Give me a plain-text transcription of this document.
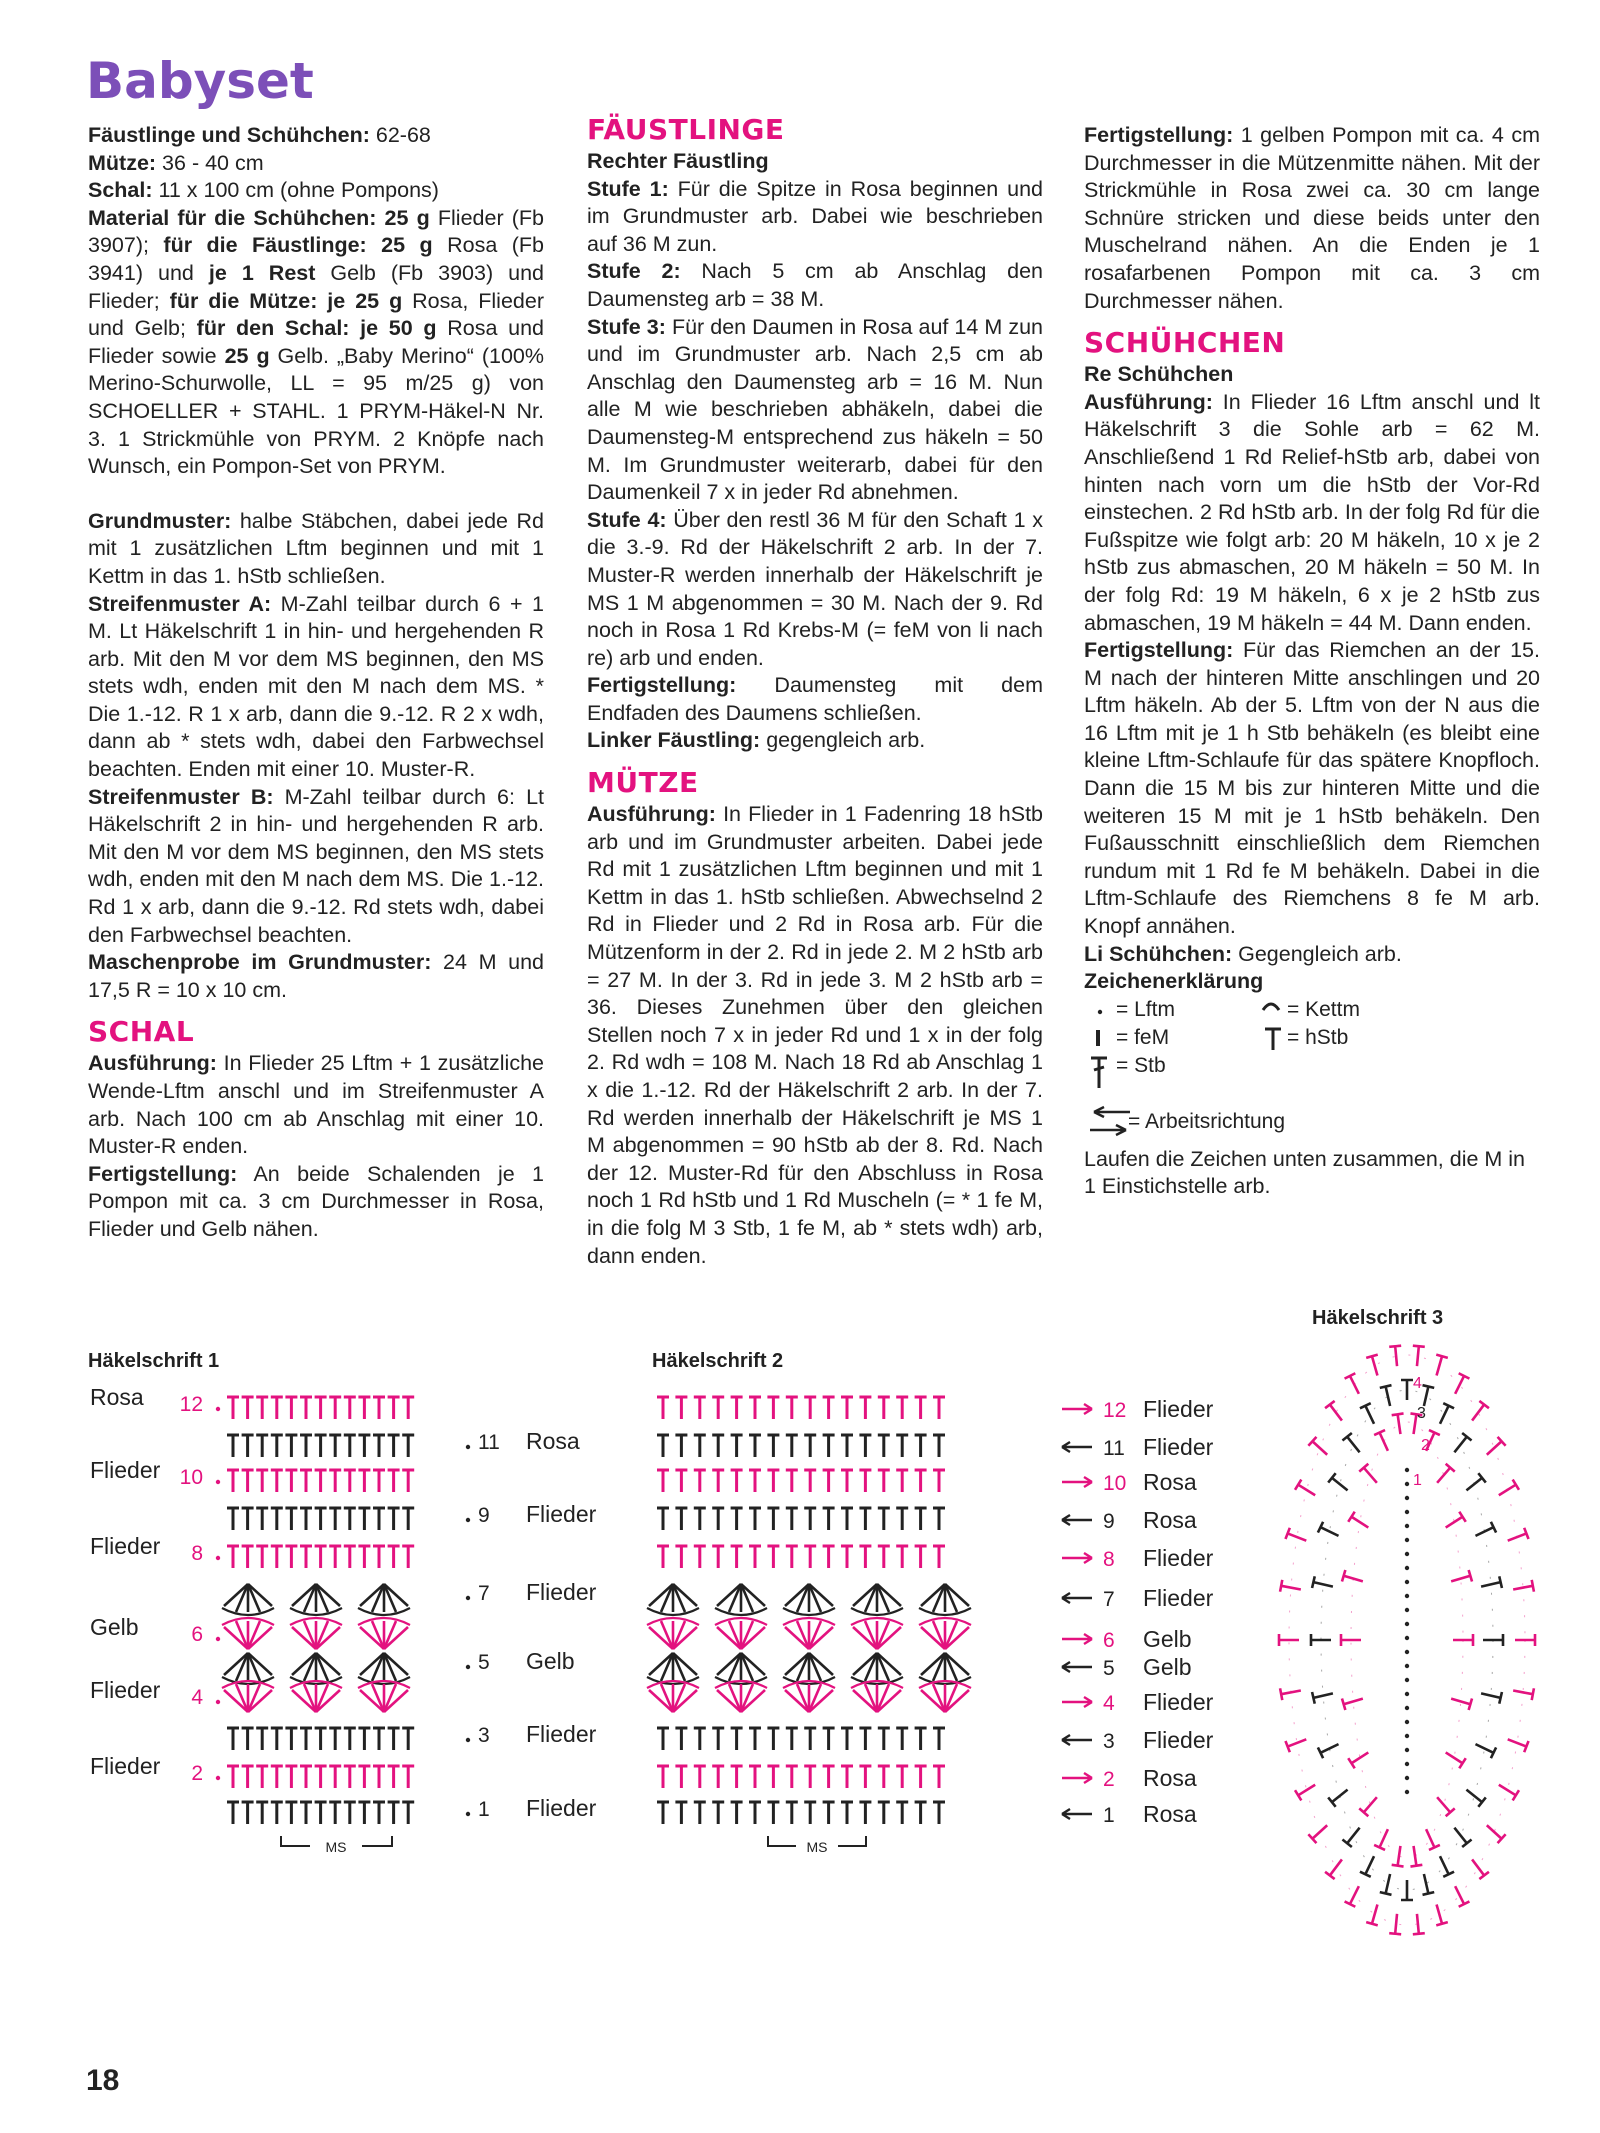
Babyset

Fäustlinge und Schühchen: 62-68
Mütze: 36 - 40 cm
Schal: 11 x 100 cm (ohne Pompons)

Material für die Schühchen: 25 g Flieder (Fb 3907); für die Fäustlinge: 25 g Rosa (Fb 3941) und je 1 Rest Gelb (Fb 3903) und Flieder; für die Mütze: je 25 g Rosa, Flieder und Gelb; für den Schal: je 50 g Rosa und Flieder sowie 25 g Gelb. „Baby Merino“ (100% Merino-Schurwolle, LL = 95 m/25 g) von SCHOELLER + STAHL. 1 PRYM-Häkel-N Nr. 3. 1 Strickmühle von PRYM. 2 Knöpfe nach Wunsch, ein Pompon-Set von PRYM.

Grundmuster: halbe Stäbchen, dabei jede Rd mit 1 zusätzlichen Lftm beginnen und mit 1 Kettm in das 1. hStb schließen.

Streifenmuster A: M-Zahl teilbar durch 6 + 1 M. Lt Häkelschrift 1 in hin- und hergehenden R arb. Mit den M vor dem MS beginnen, den MS stets wdh, enden mit den M nach dem MS. * Die 1.-12. R 1 x arb, dann die 9.-12. R 2 x wdh, dann ab * stets wdh, dabei den Farbwechsel beachten. Enden mit einer 10. Muster-R.

Streifenmuster B: M-Zahl teilbar durch 6: Lt Häkelschrift 2 in hin- und hergehenden R arb. Mit den M vor dem MS beginnen, den MS stets wdh, enden mit den M nach dem MS. Die 1.-12. Rd 1 x arb, dann die 9.-12. Rd stets wdh, dabei den Farbwechsel beachten.

Maschenprobe im Grundmuster: 24 M und 17,5 R = 10 x 10 cm.

SCHAL

Ausführung: In Flieder 25 Lftm + 1 zusätzliche Wende-Lftm anschl und im Streifenmuster A arb. Nach 100 cm ab Anschlag mit einer 10. Muster-R enden.

Fertigstellung: An beide Schalenden je 1 Pompon mit ca. 3 cm Durchmesser in Rosa, Flieder und Gelb nähen.

FÄUSTLINGE

Rechter Fäustling

Stufe 1: Für die Spitze in Rosa beginnen und im Grundmuster arb. Dabei wie beschrieben auf 36 M zun.

Stufe 2: Nach 5 cm ab Anschlag den Daumensteg arb = 38 M.

Stufe 3: Für den Daumen in Rosa auf 14 M zun und im Grundmuster arb. Nach 2,5 cm ab Anschlag den Daumensteg arb = 16 M. Nun alle M wie beschrieben abhäkeln, dabei die Daumensteg-M entsprechend zus häkeln = 50 M. Im Grundmuster weiterarb, dabei für den Daumenkeil 7 x in jeder Rd abnehmen.

Stufe 4: Über den restl 36 M für den Schaft 1 x die 3.-9. Rd der Häkelschrift 2 arb. In der 7. Muster-R werden innerhalb der Häkelschrift je MS 1 M abgenommen = 30 M. Nach der 9. Rd noch in Rosa 1 Rd Krebs-M (= feM von li nach re) arb und enden.

Fertigstellung: Daumensteg mit dem Endfaden des Daumens schließen.

Linker Fäustling: gegengleich arb.

MÜTZE

Ausführung: In Flieder in 1 Fadenring 18 hStb arb und im Grundmuster arbeiten. Dabei jede Rd mit 1 zusätzlichen Lftm beginnen und mit 1 Kettm in das 1. hStb schließen. Abwechselnd 2 Rd in Flieder und 2 Rd in Rosa arb. Für die Mützenform in der 2. Rd in jede 2. M 2 hStb arb = 27 M. In der 3. Rd in jede 3. M 2 hStb arb = 36. Dieses Zunehmen über den gleichen Stellen noch 7 x in jeder Rd und 1 x in der folg 2. Rd wdh = 108 M. Nach 18 Rd ab Anschlag 1 x die 1.-12. Rd der Häkelschrift 2 arb. In der 7. Rd werden innerhalb der Häkelschrift je MS 1 M abgenommen = 90 hStb ab der 8. Rd. Nach der 12. Muster-Rd für den Abschluss in Rosa noch 1 Rd hStb und 1 Rd Muscheln (= * 1 fe M, in die folg M 3 Stb, 1 fe M, ab * stets wdh) arb, dann enden.

Fertigstellung: 1 gelben Pompon mit ca. 4 cm Durchmesser in die Mützenmitte nähen. Mit der Strickmühle in Rosa zwei ca. 30 cm lange Schnüre stricken und diese beids unter den Muschelrand nähen. An die Enden je 1 rosafarbenen Pompon mit ca. 3 cm Durchmesser nähen.

SCHÜHCHEN

Re Schühchen

Ausführung: In Flieder 16 Lftm anschl und lt Häkelschrift 3 die Sohle arb = 62 M. Anschließend 1 Rd Relief-hStb arb, dabei von hinten nach vorn um die hStb der Vor-Rd einstechen. 2 Rd hStb arb. In der folg Rd für die Fußspitze wie folgt arb: 20 M häkeln, 10 x je 2 hStb zus abmaschen, 20 M häkeln = 50 M. In der folg Rd: 19 M häkeln, 6 x je 2 hStb zus abmaschen, 19 M häkeln = 44 M. Dann enden.

Fertigstellung: Für das Riemchen an der 15. M nach der hinteren Mitte anschlingen und 20 Lftm häkeln. Ab der 5. Lftm von der N aus die 16 Lftm mit je 1 h Stb behäkeln (es bleibt eine kleine Lftm-Schlaufe für das spätere Knopfloch. Dann die 15 M bis zur hinteren Mitte und die weiteren 15 M mit je 1 hStb behäkeln. Den Fußausschnitt einschließlich dem Riemchen rundum mit 1 Rd fe M behäkeln. Dabei in die Lftm-Schlaufe des Riemchens 8 fe M arb. Knopf annähen.

Li Schühchen: Gegengleich arb.

Zeichenerklärung

= Lftm	= Kettm
= feM	= hStb
= Stb
= Arbeitsrichtung

Laufen die Zeichen unten zusammen, die M in 1 Einstichstelle arb.

Häkelschrift 1
12
Rosa
11 Rosa
10
Flieder
9 Flieder
8
Flieder
7 Flieder
6
Gelb
5 Gelb
4
Flieder
3 Flieder
2
Flieder
1 Flieder
MS
12 Flieder
11 Flieder
10 Rosa
9 Rosa
8 Flieder
7 Flieder
6 Gelb
5 Gelb
4 Flieder
3 Flieder
2 Rosa
1 Rosa
MS
1
2
3
4
Häkelschrift 2
Häkelschrift 3
18
